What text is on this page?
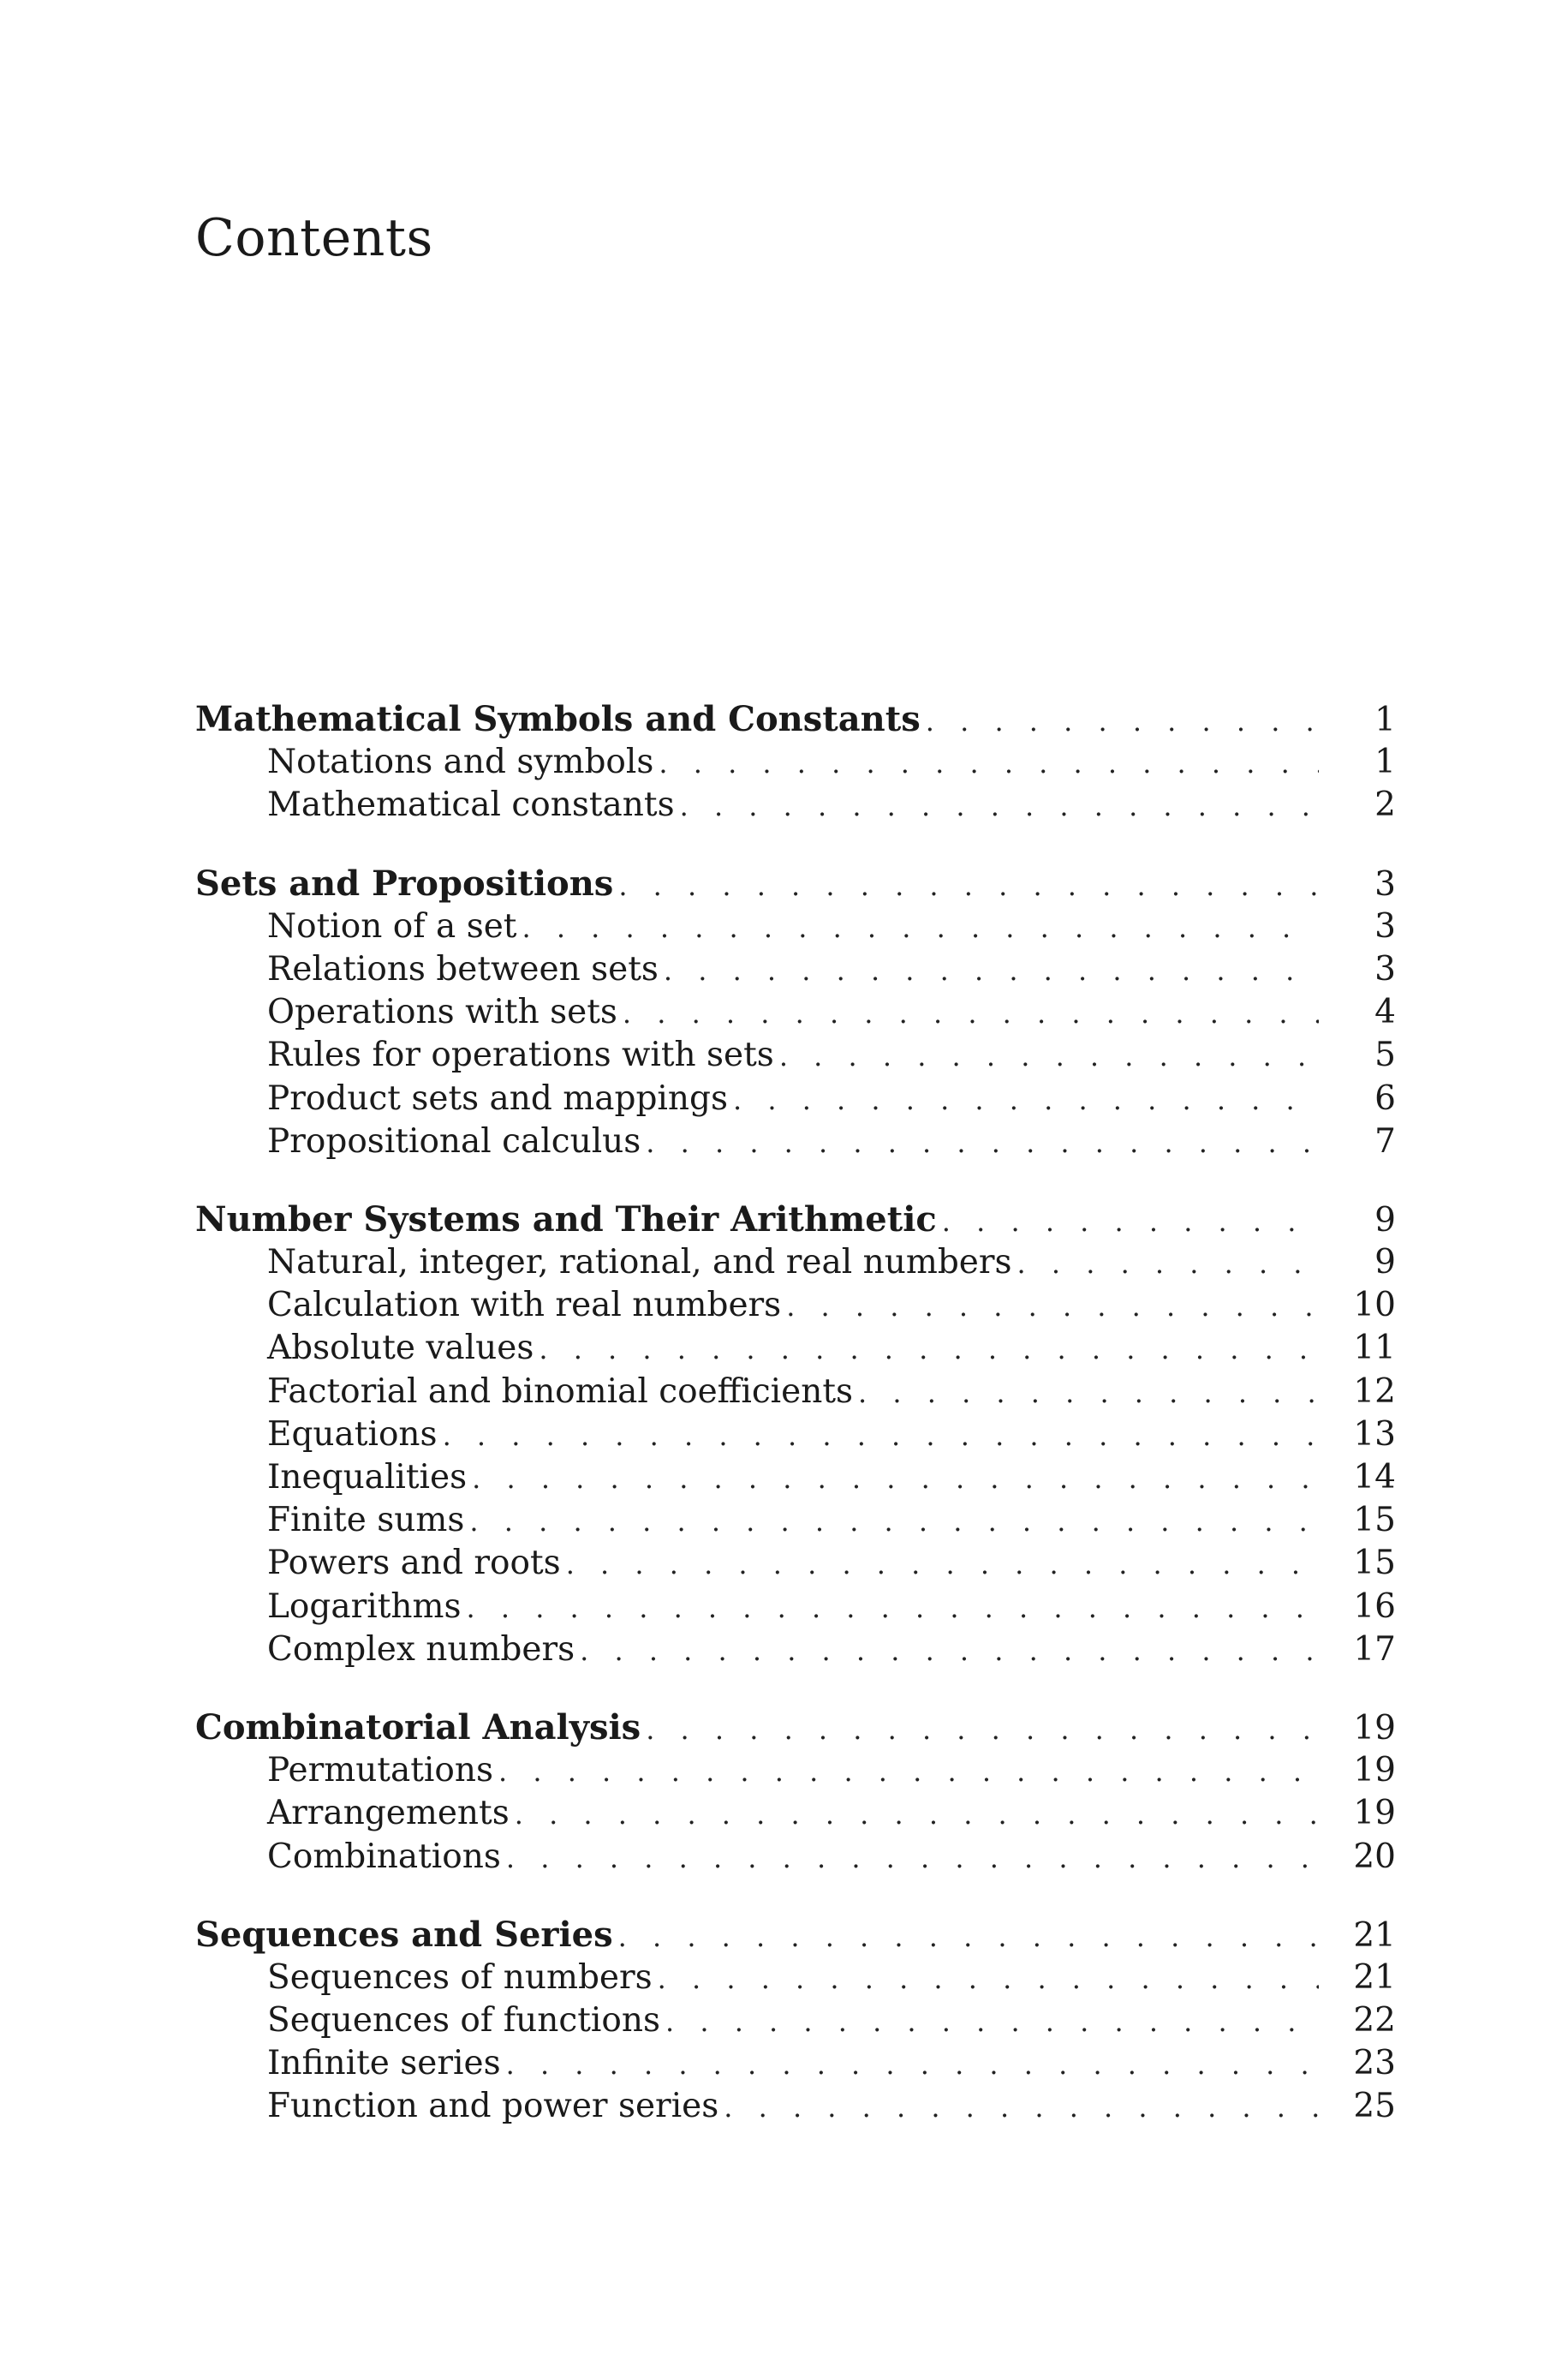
Contents
Mathematical Symbols and Constants . . .	1
Notations and symbols . . .	1
Mathematical constants . . .	2
Sets and Propositions . . .	3
Notion of a set . . .	3
Relations between sets . . .	3
Operations with sets . . .	4
Rules for operations with sets . . .	5
Product sets and mappings . . .	6
Propositional calculus . . .	7
Number Systems and Their Arithmetic . . .	9
Natural, integer, rational, and real numbers . . .	9
Calculation with real numbers . . .	10
Absolute values . . .	11
Factorial and binomial coefficients . . .	12
Equations . . .	13
Inequalities . . .	14
Finite sums . . .	15
Powers and roots . . .	15
Logarithms . . .	16
Complex numbers . . .	17
Combinatorial Analysis . . .	19
Permutations . . .	19
Arrangements . . .	19
Combinations . . .	20
Sequences and Series . . .	21
Sequences of numbers . . .	21
Sequences of functions . . .	22
Infinite series . . .	23
Function and power series . . .	25
